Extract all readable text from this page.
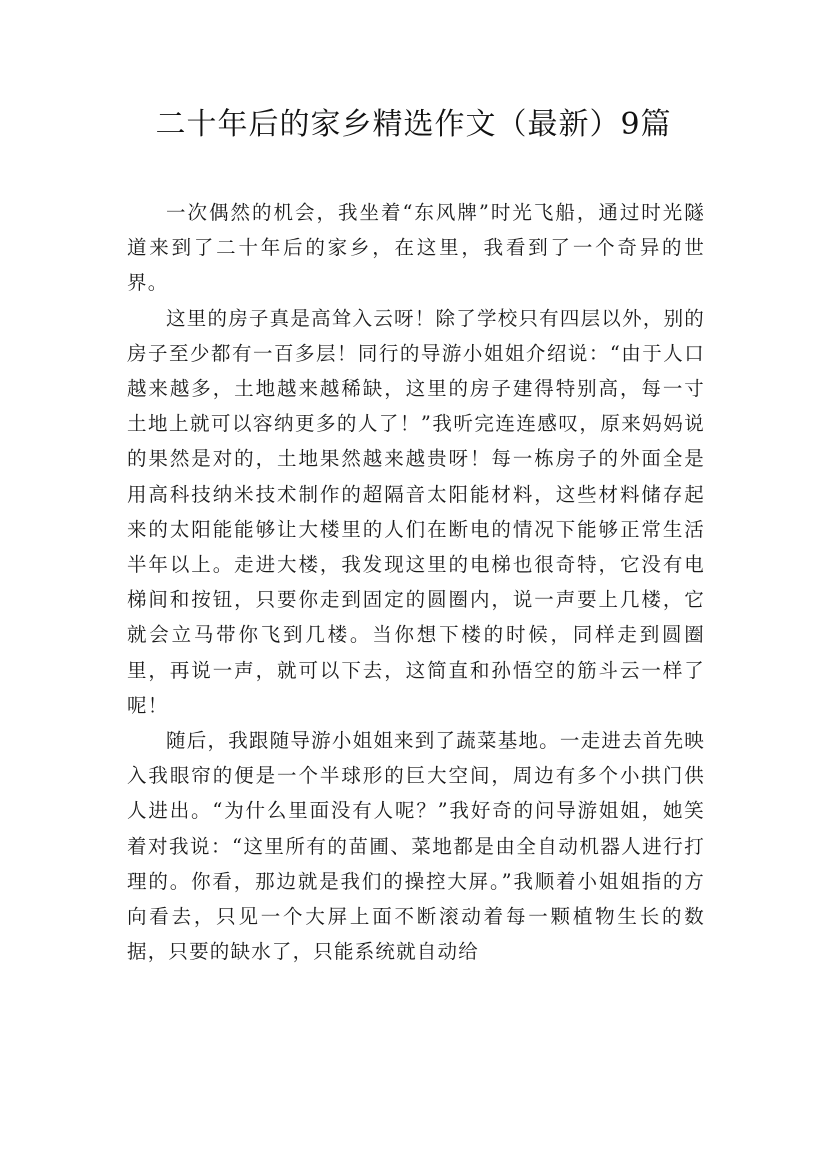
二十年后的家乡精选作文（最新）9篇

一次偶然的机会，我坐着“东风牌”时光飞船，通过时光隧道来到了二十年后的家乡，在这里，我看到了一个奇异的世界。

这里的房子真是高耸入云呀！除了学校只有四层以外，别的房子至少都有一百多层！同行的导游小姐姐介绍说：“由于人口越来越多，土地越来越稀缺，这里的房子建得特别高，每一寸土地上就可以容纳更多的人了！”我听完连连感叹，原来妈妈说的果然是对的，土地果然越来越贵呀！每一栋房子的外面全是用高科技纳米技术制作的超隔音太阳能材料，这些材料储存起来的太阳能能够让大楼里的人们在断电的情况下能够正常生活半年以上。走进大楼，我发现这里的电梯也很奇特，它没有电梯间和按钮，只要你走到固定的圆圈内，说一声要上几楼，它就会立马带你飞到几楼。当你想下楼的时候，同样走到圆圈里，再说一声，就可以下去，这简直和孙悟空的筋斗云一样了呢！

随后，我跟随导游小姐姐来到了蔬菜基地。一走进去首先映入我眼帘的便是一个半球形的巨大空间，周边有多个小拱门供人进出。“为什么里面没有人呢？”我好奇的问导游姐姐，她笑着对我说：“这里所有的苗圃、菜地都是由全自动机器人进行打理的。你看，那边就是我们的操控大屏。”我顺着小姐姐指的方向看去，只见一个大屏上面不断滚动着每一颗植物生长的数据，只要的缺水了，只能系统就自动给
